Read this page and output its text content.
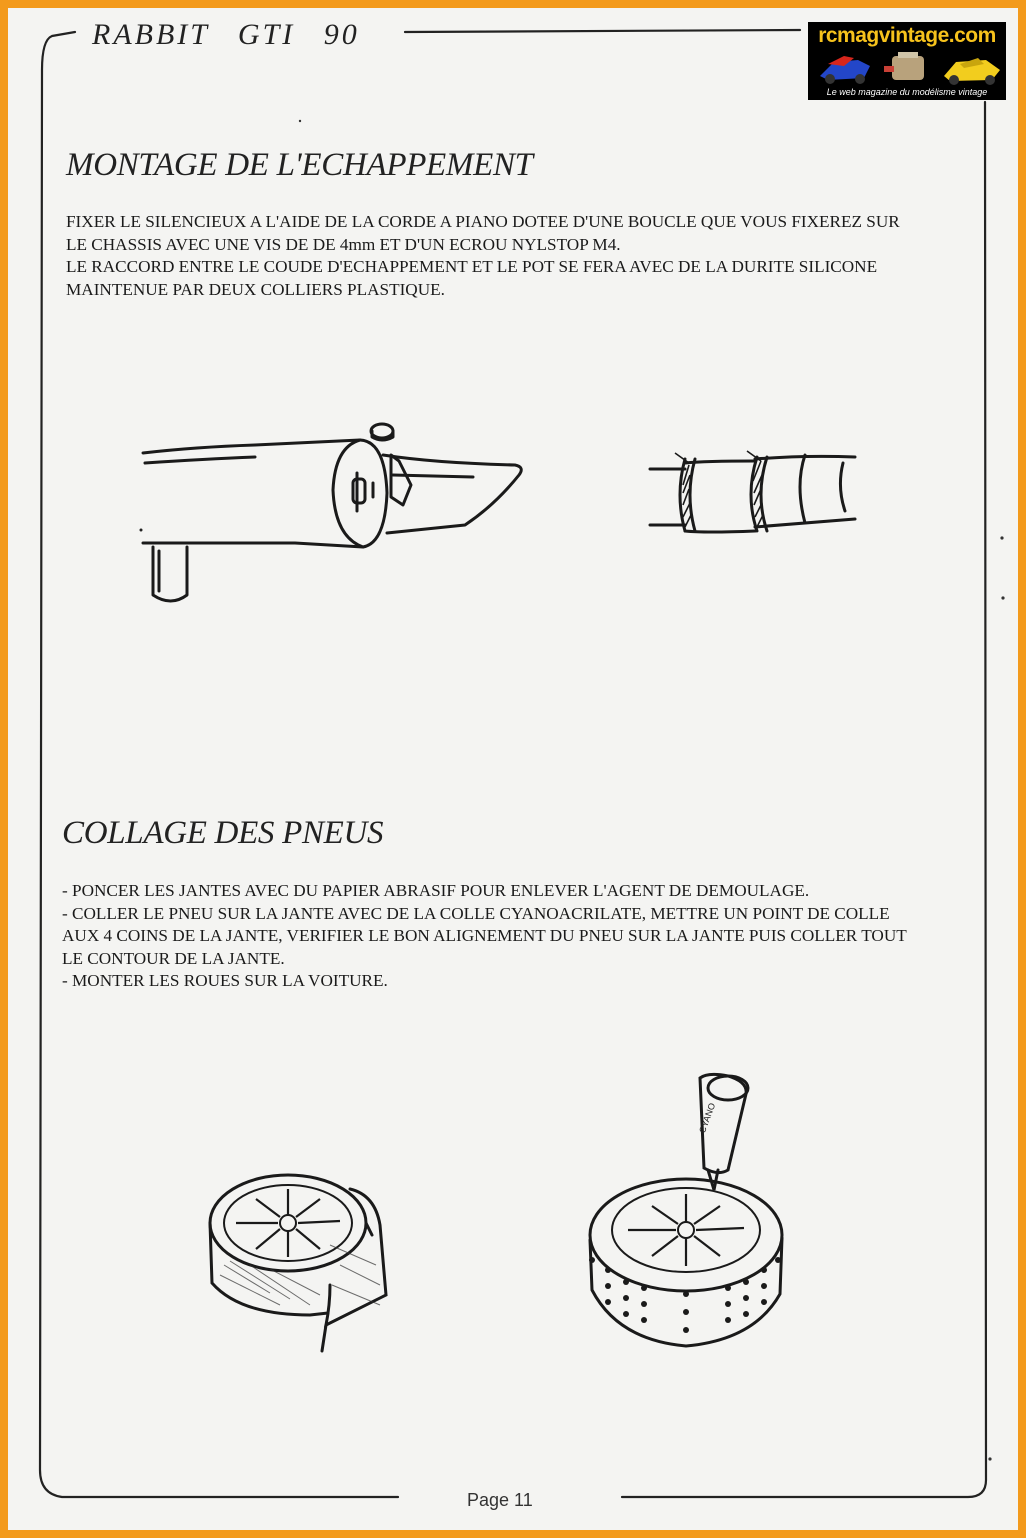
RABBIT GTI 90	rcmagvintage.com
Le web magazine du modélisme vintage
MONTAGE DE L'ECHAPPEMENT
FIXER LE SILENCIEUX A L'AIDE DE LA CORDE A PIANO DOTEE D'UNE BOUCLE QUE VOUS FIXEREZ SUR
LE CHASSIS AVEC UNE VIS DE DE 4mm ET D'UN ECROU NYLSTOP M4.
LE RACCORD ENTRE LE COUDE D'ECHAPPEMENT ET LE POT SE FERA AVEC DE LA DURITE SILICONE
MAINTENUE PAR DEUX COLLIERS PLASTIQUE.
COLLAGE DES PNEUS
- PONCER LES JANTES AVEC DU PAPIER ABRASIF POUR ENLEVER L'AGENT DE DEMOULAGE.
- COLLER LE PNEU SUR LA JANTE AVEC DE LA COLLE CYANOACRILATE, METTRE UN POINT DE COLLE
AUX 4 COINS DE LA JANTE, VERIFIER LE BON ALIGNEMENT DU PNEU SUR LA JANTE PUIS COLLER TOUT
LE CONTOUR DE LA JANTE.
- MONTER LES ROUES SUR LA VOITURE.
CYANO
Page 11
